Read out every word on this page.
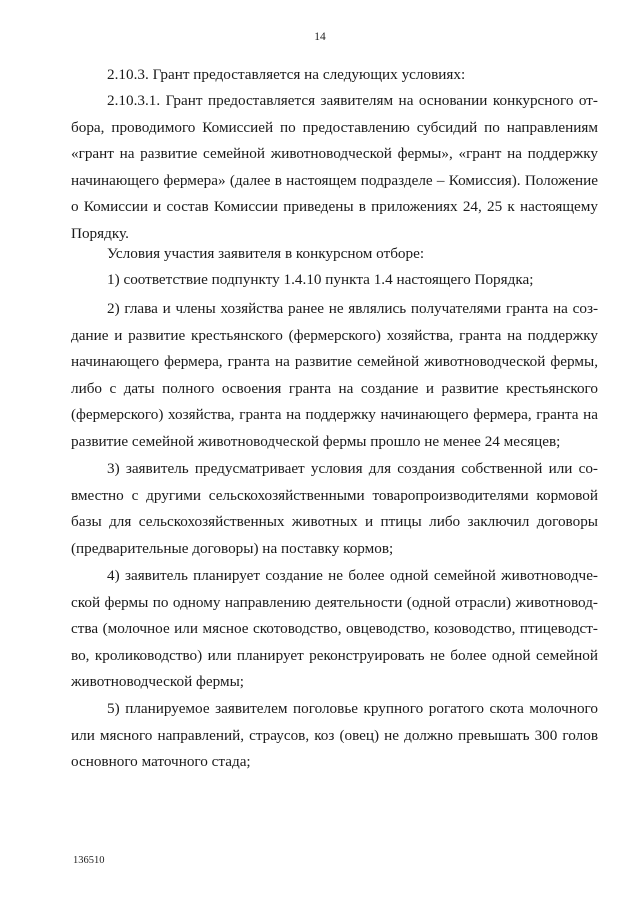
14
2.10.3. Грант предоставляется на следующих условиях:
2.10.3.1. Грант предоставляется заявителям на основании конкурсного от-
бора, проводимого Комиссией по предоставлению субсидий по направлениям
«грант на развитие семейной животноводческой фермы», «грант на поддержку
начинающего фермера» (далее в настоящем подразделе – Комиссия). Положение
о Комиссии и состав Комиссии приведены в приложениях 24, 25 к настоящему
Порядку.
Условия участия заявителя в конкурсном отборе:
1) соответствие подпункту 1.4.10 пункта 1.4 настоящего Порядка;
2) глава и члены хозяйства ранее не являлись получателями гранта на соз-
дание и развитие крестьянского (фермерского) хозяйства, гранта на поддержку
начинающего фермера, гранта на развитие семейной животноводческой фермы,
либо с даты полного освоения гранта на создание и развитие крестьянского
(фермерского) хозяйства, гранта на поддержку начинающего фермера, гранта на
развитие семейной животноводческой фермы прошло не менее 24 месяцев;
3) заявитель предусматривает условия для создания собственной или со-
вместно с другими сельскохозяйственными товаропроизводителями кормовой
базы для сельскохозяйственных животных и птицы либо заключил договоры
(предварительные договоры) на поставку кормов;
4) заявитель планирует создание не более одной семейной животноводче-
ской фермы по одному направлению деятельности (одной отрасли) животновод-
ства (молочное или мясное скотоводство, овцеводство, козоводство, птицеводст-
во, кролиководство) или планирует реконструировать не более одной семейной
животноводческой фермы;
5) планируемое заявителем поголовье крупного рогатого скота молочного
или мясного направлений, страусов, коз (овец) не должно превышать 300 голов
основного маточного стада;
136510
